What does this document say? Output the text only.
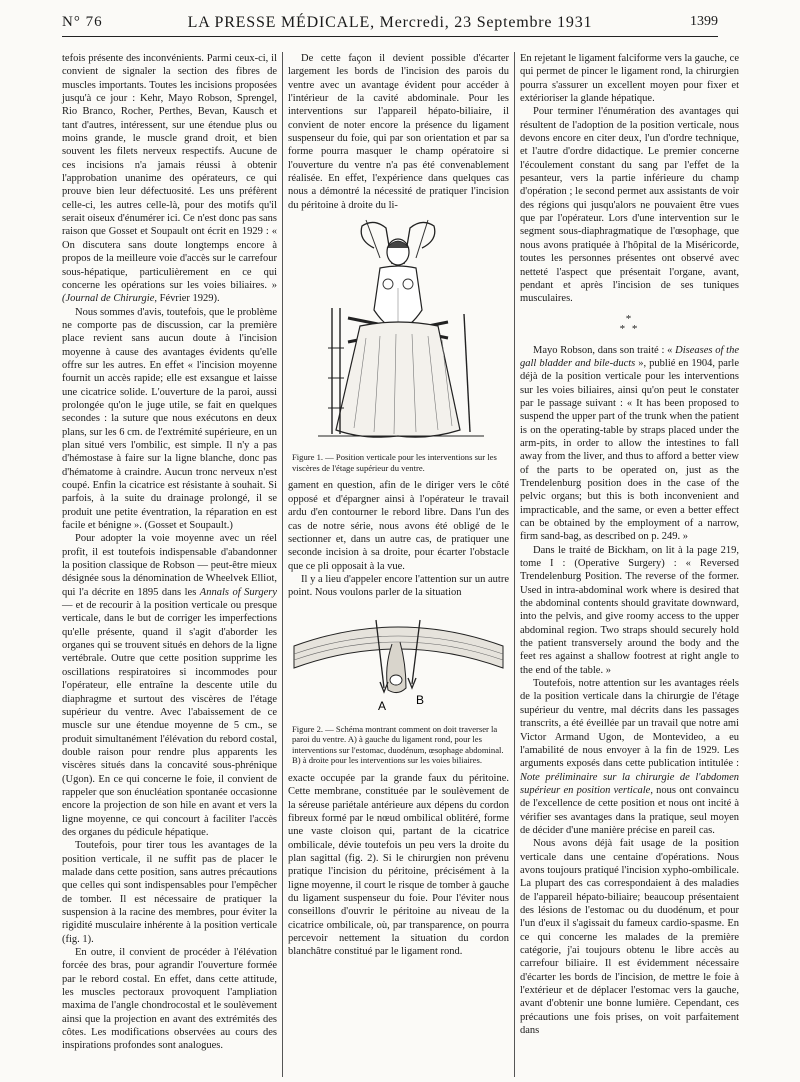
N° 76	LA PRESSE MÉDICALE, Mercredi, 23 Septembre 1931	1399

tefois présente des inconvénients. Parmi ceux-ci, il convient de signaler la section des fibres de muscles importants. Toutes les incisions proposées jusqu'à ce jour : Kehr, Mayo Robson, Sprengel, Rio Branco, Rocher, Perthes, Bevan, Kausch et tant d'autres, intéressent, sur une étendue plus ou moins grande, le muscle grand droit, et bien souvent les filets nerveux respectifs. Aucune de ces incisions n'a jamais réussi à obtenir l'approbation unanime des opérateurs, ce qui prouve bien leur défectuosité. Les uns préfèrent celle-ci, les autres celle-là, pour des motifs qu'il serait oiseux d'énumérer ici. Ce n'est donc pas sans raison que Gosset et Soupault ont écrit en 1929 : « On discutera sans doute longtemps encore à propos de la meilleure voie d'accès sur le carrefour sous-hépatique, particulièrement en ce qui concerne les opérations sur les voies biliaires. » (Journal de Chirurgie, Février 1929).

Nous sommes d'avis, toutefois, que le problème ne comporte pas de discussion, car la première place revient sans aucun doute à l'incision moyenne à cause des avantages évidents qu'elle offre sur les autres. En effet « l'incision moyenne fournit un accès rapide; elle est exsangue et laisse une cicatrice solide. L'ouverture de la paroi, aussi prolongée qu'on le juge utile, se fait en quelques secondes : la suture que nous exécutons en deux plans, sur les 6 cm. de l'extrémité supérieure, en un plan situé vers l'ombilic, est simple. Il n'y a pas d'hémostase à faire sur la ligne blanche, donc pas d'hématome à craindre. Aucun tronc nerveux n'est coupé. Enfin la cicatrice est résistante à souhait. Si parfois, à la suite du drainage prolongé, il se produit une petite éventration, la réparation en est facile et bénigne ». (Gosset et Soupault.)

Pour adopter la voie moyenne avec un réel profit, il est toutefois indispensable d'abandonner la position classique de Robson — peut-être mieux désignée sous la dénomination de Wheelvek Elliot, qui l'a décrite en 1895 dans les Annals of Surgery — et de recourir à la position verticale ou presque verticale, dans le but de corriger les imperfections qu'elle présente, quand il s'agit d'aborder les organes qui se trouvent situés en dehors de la ligne vertébrale. Outre que cette position supprime les oscillations respiratoires si incommodes pour l'opérateur, elle entraîne la descente utile du diaphragme et surtout des viscères de l'étage supérieur du ventre. Avec l'abaissement de ce muscle sur une étendue moyenne de 5 cm., se produit simultanément l'élévation du rebord costal, double raison pour rendre plus apparents les viscères situés dans la concavité sous-phrénique (Ugon). En ce qui concerne le foie, il convient de rappeler que son énucléation spontanée occasionne encore la projection de son hile en avant et vers la ligne moyenne, ce qui concourt à faciliter l'accès des organes du pédicule hépatique.

Toutefois, pour tirer tous les avantages de la position verticale, il ne suffit pas de placer le malade dans cette position, sans autres précautions que celles qui sont indispensables pour l'empêcher de tomber. Il est nécessaire de pratiquer la suspension à la racine des membres, pour éviter la rigidité musculaire inhérente à la position verticale (fig. 1).

En outre, il convient de procéder à l'élévation forcée des bras, pour agrandir l'ouverture formée par le rebord costal. En effet, dans cette attitude, les muscles pectoraux provoquent l'ampliation maxima de l'angle chondrocostal et le soulèvement ainsi que la projection en avant des extrémités des côtes. Les modifications observées au cours des inspirations profondes sont analogues.

De cette façon il devient possible d'écarter largement les bords de l'incision des parois du ventre avec un avantage évident pour accéder à l'intérieur de la cavité abdominale. Pour les interventions sur l'appareil hépato-biliaire, il convient de noter encore la présence du ligament suspenseur du foie, qui par son orientation et par sa forme pourra masquer le champ opératoire si l'ouverture du ventre n'a pas été convenablement réalisée. En effet, l'expérience dans quelques cas nous a démontré la nécessité de pratiquer l'incision du péritoine à droite du li-

Figure 1. — Position verticale pour les interventions sur les viscères de l'étage supérieur du ventre.

gament en question, afin de le diriger vers le côté opposé et d'épargner ainsi à l'opérateur le travail ardu d'en contourner le rebord libre. Dans l'un des cas de notre série, nous avons été obligé de le sectionner et, dans un autre cas, de pratiquer une seconde incision à sa droite, pour écarter l'obstacle que ce pli opposait à la vue.

Il y a lieu d'appeler encore l'attention sur un autre point. Nous voulons parler de la situation

A B
Figure 2. — Schéma montrant comment on doit traverser la paroi du ventre. A) à gauche du ligament rond, pour les interventions sur l'estomac, duodénum, œsophage abdominal. B) à droite pour les interventions sur les voies biliaires.

exacte occupée par la grande faux du péritoine. Cette membrane, constituée par le soulèvement de la séreuse pariétale antérieure aux dépens du cordon fibreux formé par le nœud ombilical oblitéré, forme une vaste cloison qui, partant de la cicatrice ombilicale, dévie toutefois un peu vers la droite du plan sagittal (fig. 2). Si le chirurgien non prévenu pratique l'incision du péritoine, précisément à la ligne moyenne, il court le risque de tomber à gauche du ligament suspenseur du foie. Pour l'éviter nous conseillons d'ouvrir le péritoine au niveau de la cicatrice ombilicale, où, par transparence, on pourra percevoir nettement la situation du cordon blanchâtre constitué par le ligament rond.

En rejetant le ligament falciforme vers la gauche, ce qui permet de pincer le ligament rond, la chirurgien pourra s'assurer un excellent moyen pour fixer et extérioriser la glande hépatique.

Pour terminer l'énumération des avantages qui résultent de l'adoption de la position verticale, nous devons encore en citer deux, l'un d'ordre technique, et l'autre d'ordre didactique. Le premier concerne l'écoulement constant du sang par l'effet de la pesanteur, vers la partie inférieure du champ d'opération ; le second permet aux assistants de voir des régions qui jusqu'alors ne pouvaient être vues que par l'opérateur. Lors d'une intervention sur le segment sous-diaphragmatique de l'œsophage, que nous avons pratiquée à l'hôpital de la Miséricorde, toutes les personnes présentes ont observé avec netteté l'aspect que présentait l'organe, avant, pendant et après l'incision de ses tuniques musculaires.

*
* *

Mayo Robson, dans son traité : « Diseases of the gall bladder and bile-ducts », publié en 1904, parle déjà de la position verticale pour les interventions sur les voies biliaires, ainsi qu'on peut le constater par le passage suivant : « It has been proposed to suspend the upper part of the trunk when the patient is on the operating-table by straps placed under the arm-pits, in order to allow the intestines to fall away from the liver, and thus to afford a better view of the parts to be operated on, just as the Trendelenburg position does in the case of the pelvic organs; but this is both inconvenient and impracticable, and the same, or even a better effect can be obtained by the employment of a narrow, firm sand-bag, as described on p. 249. »

Dans le traité de Bickham, on lit à la page 219, tome I : (Operative Surgery) : « Reversed Trendelenburg Position. The reverse of the former. Used in intra-abdominal work where is desired that the abdominal contents should gravitate downward, into the pelvis, and give roomy access to the upper abdominal region. Two straps should securely hold the patient transversely around the body and the feet res against a shallow footrest at right angle to the end of the table. »

Toutefois, notre attention sur les avantages réels de la position verticale dans la chirurgie de l'étage supérieur du ventre, mal décrits dans les passages transcrits, a été éveillée par un travail que notre ami Victor Armand Ugon, de Montevideo, a eu l'amabilité de nous envoyer à la fin de 1929. Les arguments exposés dans cette publication intitulée : Note préliminaire sur la chirurgie de l'abdomen supérieur en position verticale, nous ont convaincu de l'excellence de cette position et nous ont incité à vérifier ses avantages dans la pratique, seul moyen de décider d'une manière précise en pareil cas.

Nous avons déjà fait usage de la position verticale dans une centaine d'opérations. Nous avons toujours pratiqué l'incision xypho-ombilicale. La plupart des cas correspondaient à des maladies de l'appareil hépato-biliaire; beaucoup présentaient des lésions de l'estomac ou du duodénum, et pour l'un d'eux il s'agissait du fameux cardio-spasme. En ce qui concerne les malades de la première catégorie, j'ai toujours obtenu le libre accès au carrefour biliaire. Il est évidemment nécessaire d'écarter les bords de l'incision, de mettre le foie à l'extérieur et de déplacer l'estomac vers la gauche, avant d'obtenir une bonne lumière. Cependant, ces précautions une fois prises, on voit parfaitement dans
